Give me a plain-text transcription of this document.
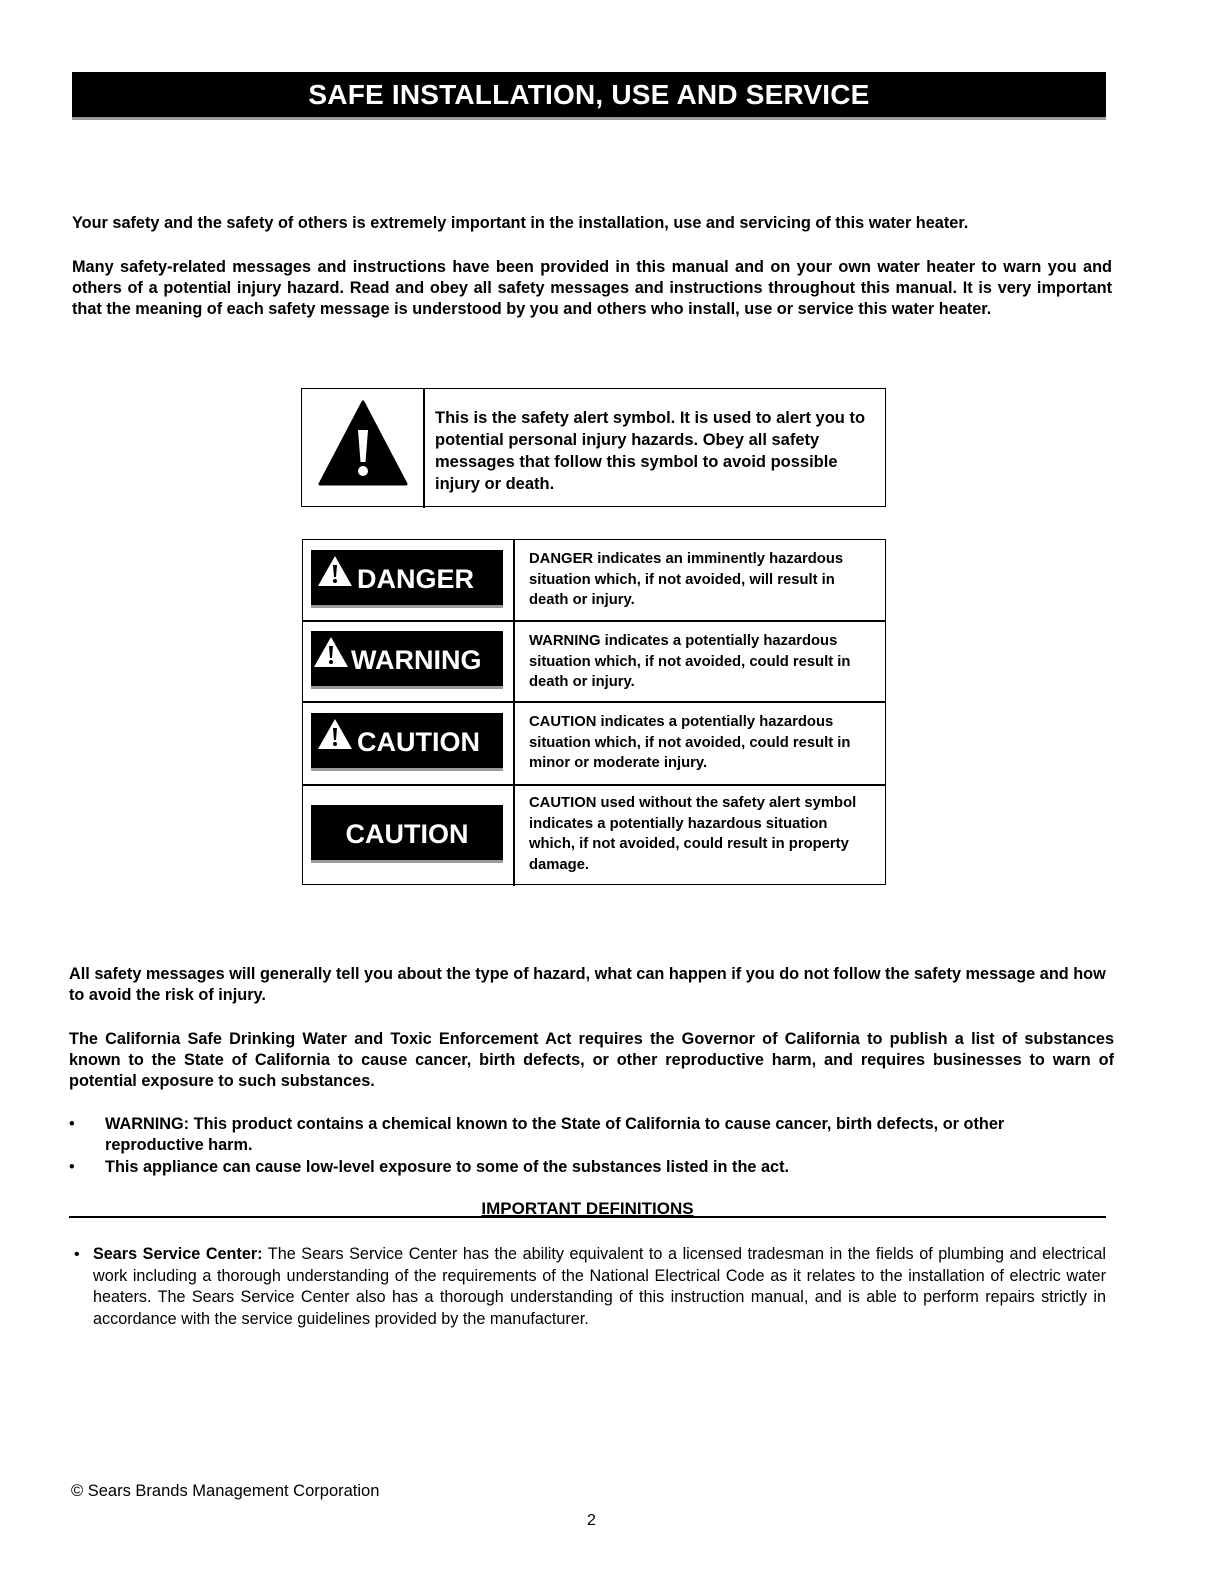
SAFE INSTALLATION, USE AND SERVICE
Your safety and the safety of others is extremely important in the installation, use and servicing of this water heater.
Many safety-related messages and instructions have been provided in this manual and on your own water heater to warn you and others of a potential injury hazard. Read and obey all safety messages and instructions throughout this manual. It is very important that the meaning of each safety message is understood by you and others who install, use or service this water heater.
This is the safety alert symbol. It is used to alert you to potential personal injury hazards. Obey all safety messages that follow this symbol to avoid possible injury or death.
DANGER
DANGER indicates an imminently hazardous situation which, if not avoided, will result in death or injury.
WARNING
WARNING indicates a potentially hazardous situation which, if not avoided, could result in death or injury.
CAUTION
CAUTION indicates a potentially hazardous situation which, if not avoided, could result in minor or moderate injury.
CAUTION
CAUTION used without the safety alert symbol indicates a potentially hazardous situation which, if not avoided, could result in property damage.
All safety messages will generally tell you about the type of hazard, what can happen if you do not follow the safety message and how to avoid the risk of injury.
The California Safe Drinking Water and Toxic Enforcement Act requires the Governor of California to publish a list of substances known to the State of California to cause cancer, birth defects, or other reproductive harm, and requires businesses to warn of potential exposure to such substances.
• WARNING: This product contains a chemical known to the State of California to cause cancer, birth defects, or other reproductive harm.
• This appliance can cause low-level exposure to some of the substances listed in the act.
IMPORTANT DEFINITIONS
• Sears Service Center: The Sears Service Center has the ability equivalent to a licensed tradesman in the fields of plumbing and electrical work including a thorough understanding of the requirements of the National Electrical Code as it relates to the installation of electric water heaters. The Sears Service Center also has a thorough understanding of this instruction manual, and is able to perform repairs strictly in accordance with the service guidelines provided by the manufacturer.
© Sears Brands Management Corporation
2
